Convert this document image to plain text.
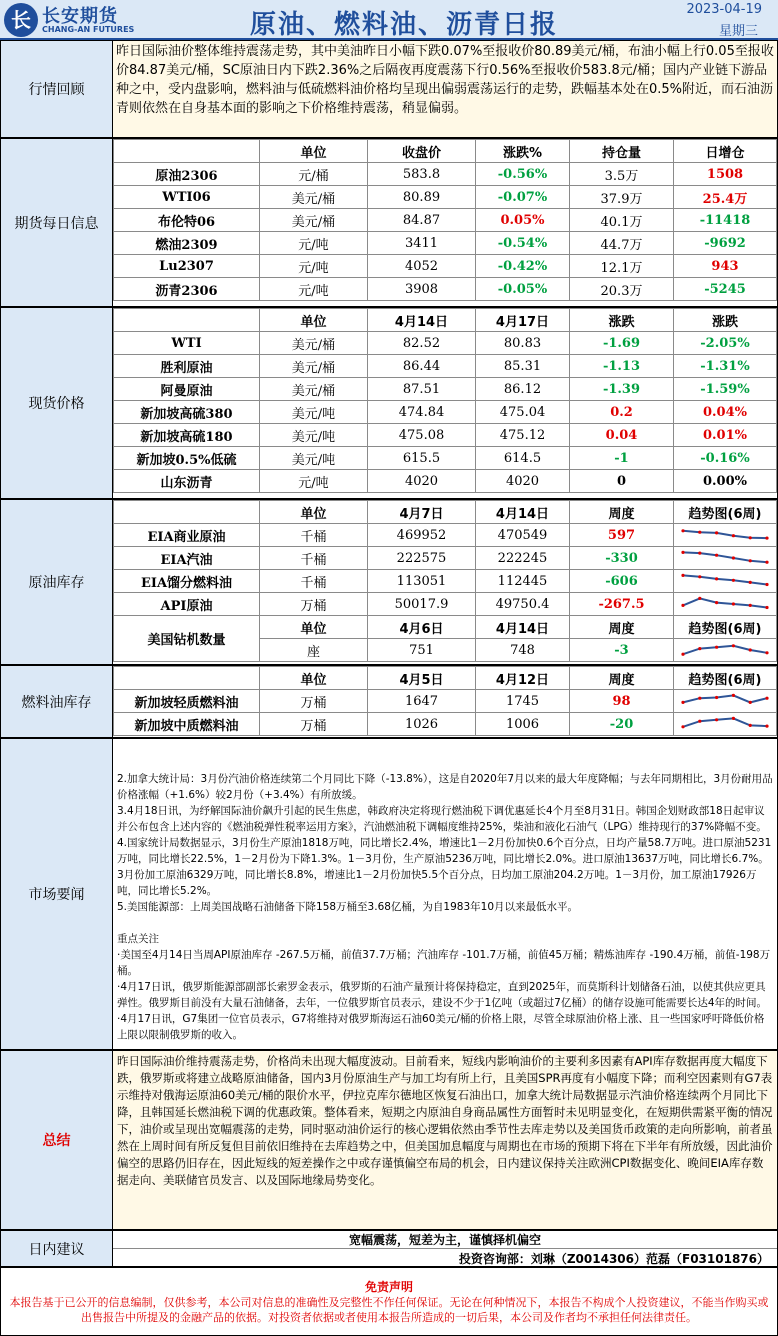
长 长安期货
CHANG-AN FUTURES	原油、燃料油、沥青日报
2023-04-19
星期三
行情回顾
昨日国际油价整体维持震荡走势，其中美油昨日小幅下跌0.07%至报收价80.89美元/桶，布油小幅上行0.05至报收价84.87美元/桶，SC原油日内下跌2.36%之后隔夜再度震荡下行0.56%至报收价583.8元/桶；国内产业链下游品种之中，受内盘影响，燃料油与低硫燃料油价格均呈现出偏弱震荡运行的走势，跌幅基本处在0.5%附近，而石油沥青则依然在自身基本面的影响之下价格维持震荡，稍显偏弱。
期货每日信息
	单位	收盘价	涨跌%	持仓量	日增仓
原油2306	元/桶	583.8	-0.56%	3.5万	1508
WTI06	美元/桶	80.89	-0.07%	37.9万	25.4万
布伦特06	美元/桶	84.87	0.05%	40.1万	-11418
燃油2309	元/吨	3411	-0.54%	44.7万	-9692
Lu2307	元/吨	4052	-0.42%	12.1万	943
沥青2306	元/吨	3908	-0.05%	20.3万	-5245
现货价格
	单位	4月14日	4月17日	涨跌	涨跌
WTI	美元/桶	82.52	80.83	-1.69	-2.05%
胜利原油	美元/桶	86.44	85.31	-1.13	-1.31%
阿曼原油	美元/桶	87.51	86.12	-1.39	-1.59%
新加坡高硫380	美元/吨	474.84	475.04	0.2	0.04%
新加坡高硫180	美元/吨	475.08	475.12	0.04	0.01%
新加坡0.5%低硫	美元/吨	615.5	614.5	-1	-0.16%
山东沥青	元/吨	4020	4020	0	0.00%
原油库存
	单位	4月7日	4月14日	周度	趋势图(6周)
EIA商业原油	千桶	469952	470549	597	

EIA汽油	千桶	222575	222245	-330	

EIA馏分燃料油	千桶	113051	112445	-606	

API原油	万桶	50017.9	49750.4	-267.5	

美国钻机数量	单位	4月6日	4月14日	周度	趋势图(6周)
	座	751	748	-3	
燃料油库存
	单位	4月5日	4月12日	周度	趋势图(6周)
新加坡轻质燃料油	万桶	1647	1745	98	

新加坡中质燃料油	万桶	1026	1006	-20	
市场要闻

2.加拿大统计局：3月份汽油价格连续第二个月同比下降（-13.8%），这是自2020年7月以来的最大年度降幅；与去年同期相比，3月份耐用品价格涨幅（+1.6%）较2月份（+3.4%）有所放缓。

3.4月18日讯，为纾解国际油价飙升引起的民生焦虑，韩政府决定将现行燃油税下调优惠延长4个月至8月31日。韩国企划财政部18日起审议并公布包含上述内容的《燃油税弹性税率运用方案》，汽油燃油税下调幅度维持25%，柴油和液化石油气（LPG）维持现行的37%降幅不变。

4.国家统计局数据显示，3月份生产原油1818万吨，同比增长2.4%，增速比1－2月份加快0.6个百分点，日均产量58.7万吨。进口原油5231万吨，同比增长22.5%，1－2月份为下降1.3%。1－3月份，生产原油5236万吨，同比增长2.0%。进口原油13637万吨，同比增长6.7%。3月份加工原油6329万吨，同比增长8.8%，增速比1－2月份加快5.5个百分点，日均加工原油204.2万吨。1－3月份，加工原油17926万吨，同比增长5.2%。

5.美国能源部：上周美国战略石油储备下降158万桶至3.68亿桶，为自1983年10月以来最低水平。

重点关注

·美国至4月14日当周API原油库存 -267.5万桶，前值37.7万桶；汽油库存 -101.7万桶，前值45万桶；精炼油库存 -190.4万桶，前值-198万桶。

·4月17日讯，俄罗斯能源部副部长索罗金表示，俄罗斯的石油产量预计将保持稳定，直到2025年，而莫斯科计划储备石油，以使其供应更具弹性。俄罗斯目前没有大量石油储备，去年，一位俄罗斯官员表示，建设不少于1亿吨（或超过7亿桶）的储存设施可能需要长达4年的时间。

·4月17日讯，G7集团一位官员表示，G7将维持对俄罗斯海运石油60美元/桶的价格上限，尽管全球原油价格上涨、且一些国家呼吁降低价格上限以限制俄罗斯的收入。

总结
昨日国际油价维持震荡走势，价格尚未出现大幅度波动。目前看来，短线内影响油价的主要利多因素有API库存数据再度大幅度下跌，俄罗斯或将建立战略原油储备，国内3月份原油生产与加工均有所上行，且美国SPR再度有小幅度下降；而利空因素则有G7表示维持对俄海运原油60美元/桶的限价水平，伊拉克库尔德地区恢复石油出口，加拿大统计局数据显示汽油价格连续两个月同比下降，且韩国延长燃油税下调的优惠政策。整体看来，短期之内原油自身商品属性方面暂时未见明显变化，在短期供需紧平衡的情况下，油价或呈现出宽幅震荡的走势，同时驱动油价运行的核心逻辑依然由季节性去库走势以及美国货币政策的走向所影响，前者虽然在上周时间有所反复但目前依旧维持在去库趋势之中，但美国加息幅度与周期也在市场的预期下将在下半年有所放缓，因此油价偏空的思路仍旧存在，因此短线的短差操作之中或存谨慎偏空布局的机会，日内建议保持关注欧洲CPI数据变化、晚间EIA库存数据走向、美联储官员发言、以及国际地缘局势变化。
日内建议
宽幅震荡，短差为主，谨慎择机偏空
投资咨询部：刘琳（Z0014306）范磊（F03101876）
免责声明
本报告基于已公开的信息编制，仅供参考，本公司对信息的准确性及完整性不作任何保证。无论在何种情况下，本报告不构成个人投资建议，不能当作购买或出售报告中所提及的金融产品的依据。对投资者依据或者使用本报告所造成的一切后果，本公司及作者均不承担任何法律责任。
